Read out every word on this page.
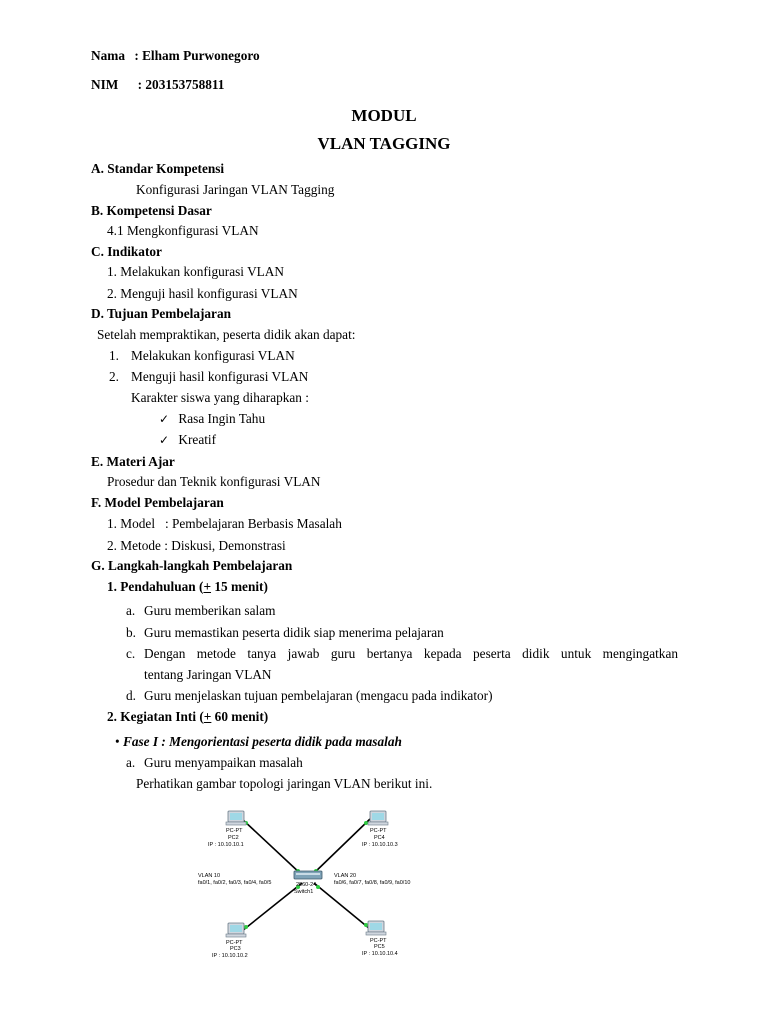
Nama : Elham Purwonegoro
NIM : 203153758811
MODUL
VLAN TAGGING
A. Standar Kompetensi
Konfigurasi Jaringan VLAN Tagging
B. Kompetensi Dasar
4.1 Mengkonfigurasi VLAN
C. Indikator
1. Melakukan konfigurasi VLAN
2. Menguji hasil konfigurasi VLAN
D. Tujuan Pembelajaran
Setelah mempraktikan, peserta didik akan dapat:
1. Melakukan konfigurasi VLAN
2. Menguji hasil konfigurasi VLAN
Karakter siswa yang diharapkan :
✓ Rasa Ingin Tahu
✓ Kreatif
E. Materi Ajar
Prosedur dan Teknik konfigurasi VLAN
F. Model Pembelajaran
1. Model   : Pembelajaran Berbasis Masalah
2. Metode : Diskusi, Demonstrasi
G. Langkah-langkah Pembelajaran
1. Pendahuluan (+ 15 menit)
a. Guru memberikan salam
b. Guru memastikan peserta didik siap menerima pelajaran
c. Dengan metode tanya jawab guru bertanya kepada peserta didik untuk mengingatkan
tentang Jaringan VLAN
d. Guru menjelaskan tujuan pembelajaran (mengacu pada indikator)
2. Kegiatan Inti (+ 60 menit)
• Fase I : Mengorientasi peserta didik pada masalah
a. Guru menyampaikan masalah
Perhatikan gambar topologi jaringan VLAN berikut ini.
PC-PT
PC2
IP : 10.10.10.1
PC-PT
PC4
IP : 10.10.10.3
2960-24
Switch1
VLAN 10
fa0/1, fa0/2, fa0/3, fa0/4, fa0/5
VLAN 20
fa0/6, fa0/7, fa0/8, fa0/9, fa0/10
PC-PT
PC3
IP : 10.10.10.2
PC-PT
PC5
IP : 10.10.10.4
